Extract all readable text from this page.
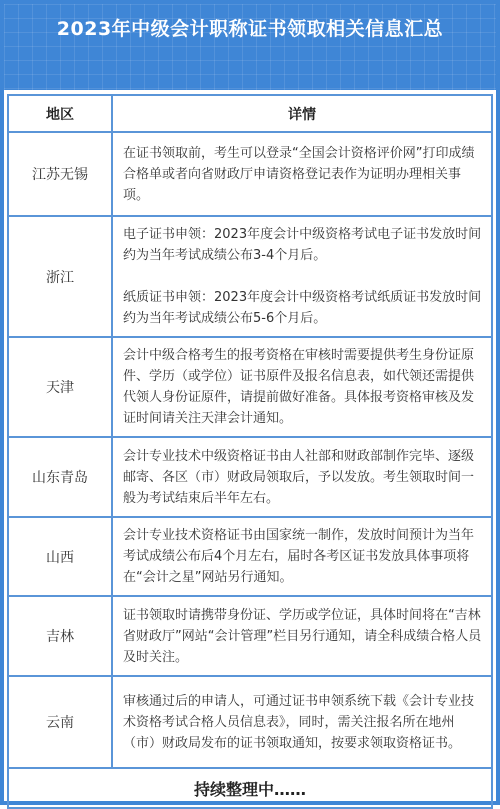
2023年中级会计职称证书领取相关信息汇总
地区	详情
江苏无锡	在证书领取前，考生可以登录“全国会计资格评价网”打印成绩合格单或者向省财政厅申请资格登记表作为证明办理相关事项。

浙江	电子证书申领：2023年度会计中级资格考试电子证书发放时间约为当年考试成绩公布3-4个月后。

纸质证书申领：2023年度会计中级资格考试纸质证书发放时间约为当年考试成绩公布5-6个月后。

天津	会计中级合格考生的报考资格在审核时需要提供考生身份证原件、学历（或学位）证书原件及报名信息表，如代领还需提供代领人身份证原件，请提前做好准备。具体报考资格审核及发证时间请关注天津会计通知。

山东青岛	会计专业技术中级资格证书由人社部和财政部制作完毕、逐级邮寄、各区（市）财政局领取后，予以发放。考生领取时间一般为考试结束后半年左右。

山西	会计专业技术资格证书由国家统一制作，发放时间预计为当年考试成绩公布后4个月左右，届时各考区证书发放具体事项将在“会计之星”网站另行通知。

吉林	证书领取时请携带身份证、学历或学位证，具体时间将在“吉林省财政厅”网站“会计管理”栏目另行通知，请全科成绩合格人员及时关注。

云南	审核通过后的申请人，可通过证书申领系统下载《会计专业技术资格考试合格人员信息表》，同时，需关注报名所在地州（市）财政局发布的证书领取通知，按要求领取资格证书。

持续整理中……	
